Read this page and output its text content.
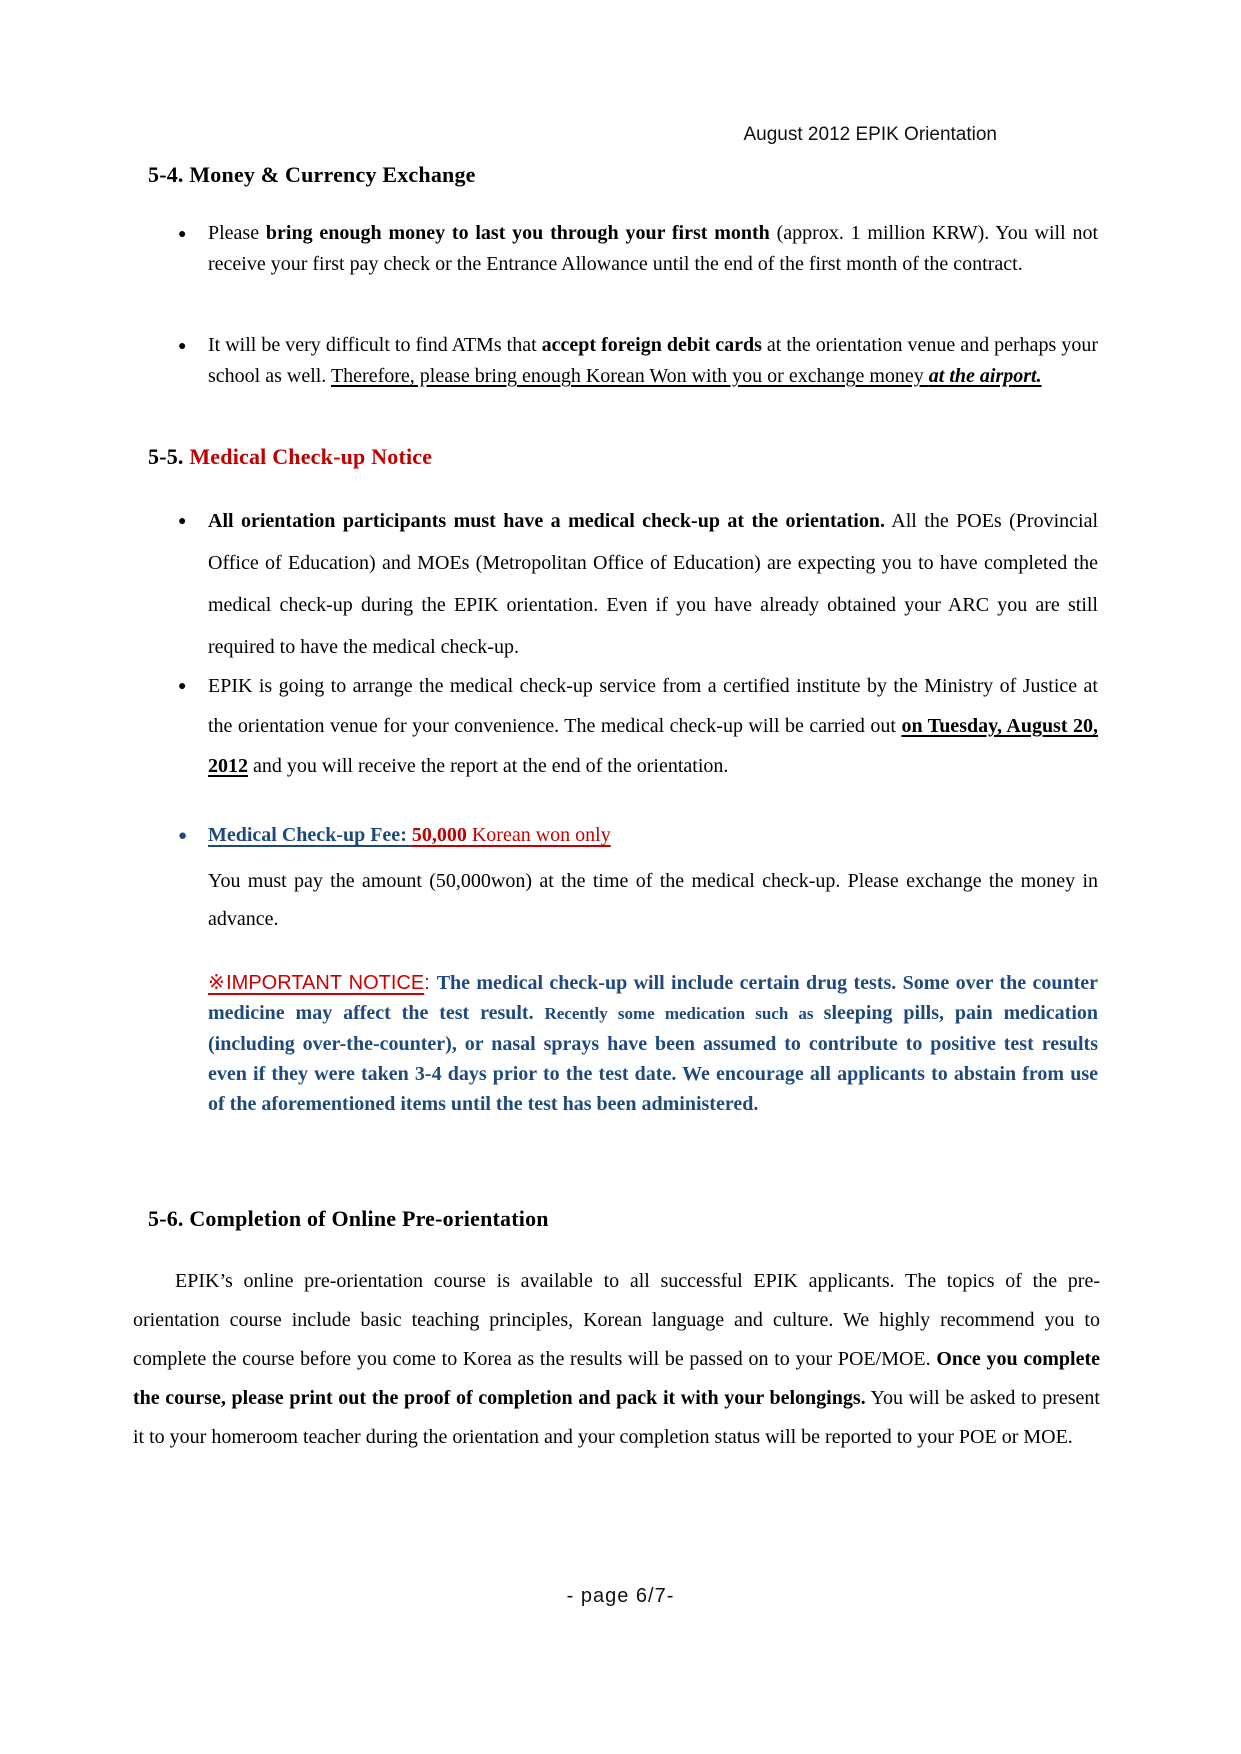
August 2012 EPIK Orientation
5-4. Money & Currency Exchange
● Please bring enough money to last you through your first month (approx. 1 million KRW). You will not receive your first pay check or the Entrance Allowance until the end of the first month of the contract.
● It will be very difficult to find ATMs that accept foreign debit cards at the orientation venue and perhaps your school as well. Therefore, please bring enough Korean Won with you or exchange money at the airport.
5-5. Medical Check-up Notice
● All orientation participants must have a medical check-up at the orientation. All the POEs (Provincial Office of Education) and MOEs (Metropolitan Office of Education) are expecting you to have completed the medical check-up during the EPIK orientation. Even if you have already obtained your ARC you are still required to have the medical check-up.
● EPIK is going to arrange the medical check-up service from a certified institute by the Ministry of Justice at the orientation venue for your convenience. The medical check-up will be carried out on Tuesday, August 20, 2012 and you will receive the report at the end of the orientation.
● Medical Check-up Fee: 50,000 Korean won only
You must pay the amount (50,000won) at the time of the medical check-up. Please exchange the money in advance.
※IMPORTANT NOTICE: The medical check-up will include certain drug tests. Some over the counter medicine may affect the test result. Recently some medication such as sleeping pills, pain medication (including over-the-counter), or nasal sprays have been assumed to contribute to positive test results even if they were taken 3-4 days prior to the test date. We encourage all applicants to abstain from use of the aforementioned items until the test has been administered.
5-6. Completion of Online Pre-orientation
EPIK’s online pre-orientation course is available to all successful EPIK applicants. The topics of the pre-orientation course include basic teaching principles, Korean language and culture. We highly recommend you to complete the course before you come to Korea as the results will be passed on to your POE/MOE. Once you complete the course, please print out the proof of completion and pack it with your belongings. You will be asked to present it to your homeroom teacher during the orientation and your completion status will be reported to your POE or MOE.
- page 6/7-
